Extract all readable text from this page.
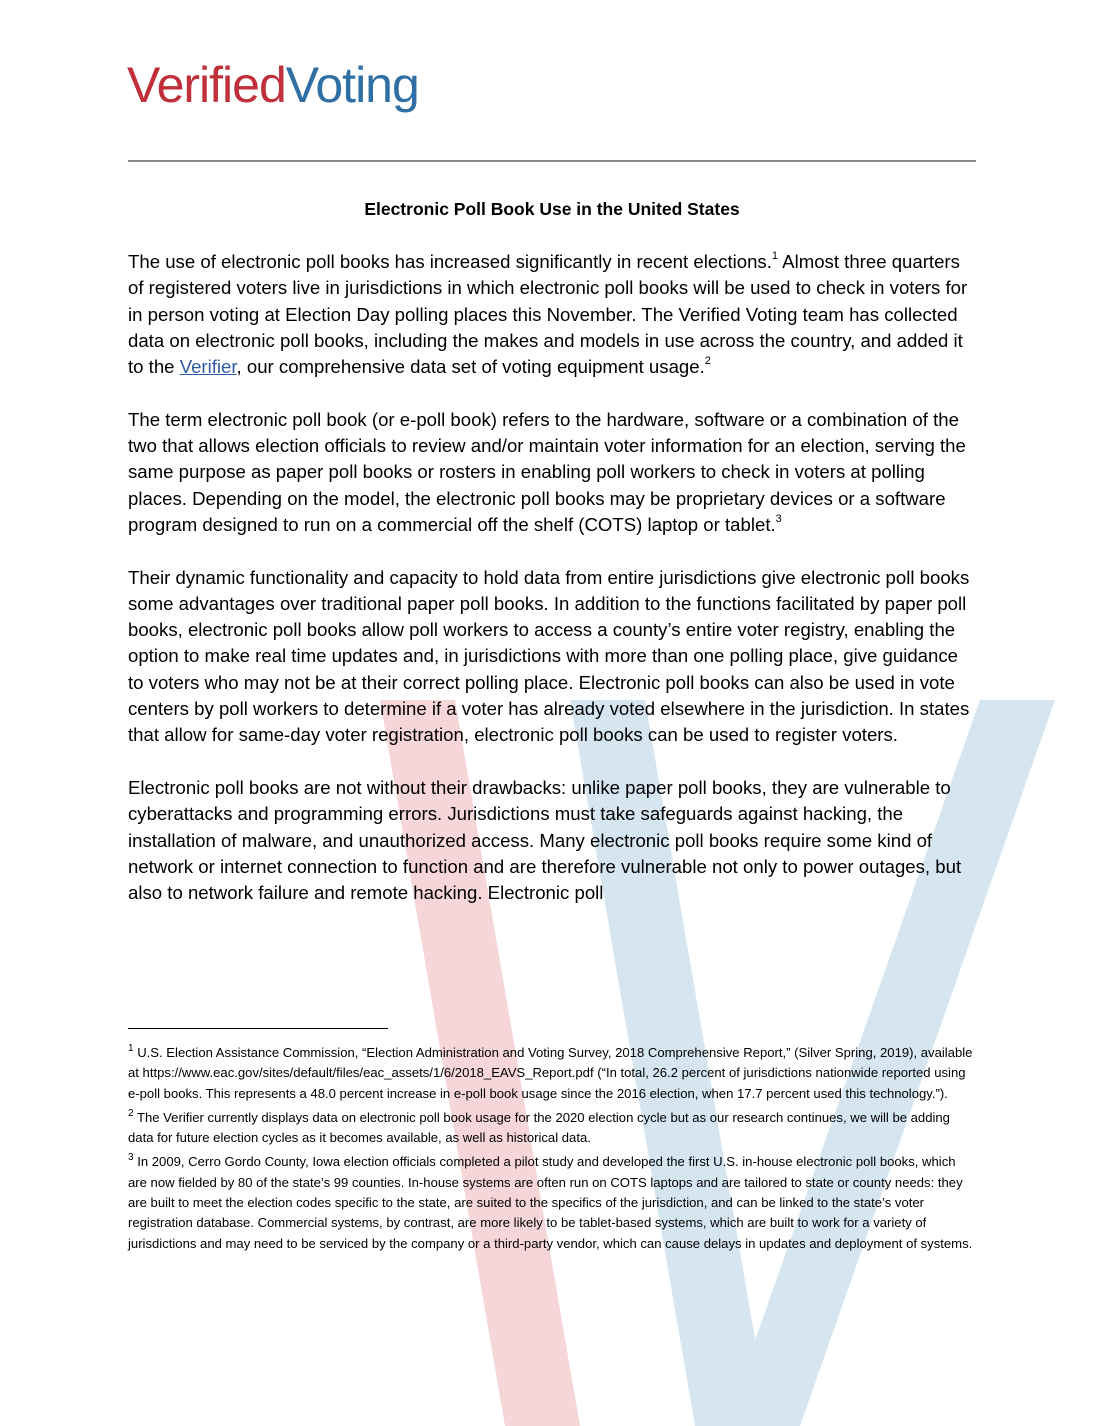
VerifiedVoting
Electronic Poll Book Use in the United States

The use of electronic poll books has increased significantly in recent elections.$^1$ Almost three quarters of registered voters live in jurisdictions in which electronic poll books will be used to check in voters for in person voting at Election Day polling places this November. The Verified Voting team has collected data on electronic poll books, including the makes and models in use across the country, and added it to the Verifier, our comprehensive data set of voting equipment usage.$^2$

The term electronic poll book (or e-poll book) refers to the hardware, software or a combination of the two that allows election officials to review and/or maintain voter information for an election, serving the same purpose as paper poll books or rosters in enabling poll workers to check in voters at polling places. Depending on the model, the electronic poll books may be proprietary devices or a software program designed to run on a commercial off the shelf (COTS) laptop or tablet.$^3$

Their dynamic functionality and capacity to hold data from entire jurisdictions give electronic poll books some advantages over traditional paper poll books. In addition to the functions facilitated by paper poll books, electronic poll books allow poll workers to access a county’s entire voter registry, enabling the option to make real time updates and, in jurisdictions with more than one polling place, give guidance to voters who may not be at their correct polling place. Electronic poll books can also be used in vote centers by poll workers to determine if a voter has already voted elsewhere in the jurisdiction. In states that allow for same-day voter registration, electronic poll books can be used to register voters.

Electronic poll books are not without their drawbacks: unlike paper poll books, they are vulnerable to cyberattacks and programming errors. Jurisdictions must take safeguards against hacking, the installation of malware, and unauthorized access. Many electronic poll books require some kind of network or internet connection to function and are therefore vulnerable not only to power outages, but also to network failure and remote hacking. Electronic poll

$^1$ U.S. Election Assistance Commission, “Election Administration and Voting Survey, 2018 Comprehensive Report,” (Silver Spring, 2019), available at https://www.eac.gov/sites/default/files/eac_assets/1/6/2018_EAVS_Report.pdf (“In total, 26.2 percent of jurisdictions nationwide reported using e-poll books. This represents a 48.0 percent increase in e-poll book usage since the 2016 election, when 17.7 percent used this technology.”).
$^2$ The Verifier currently displays data on electronic poll book usage for the 2020 election cycle but as our research continues, we will be adding data for future election cycles as it becomes available, as well as historical data.
$^3$ In 2009, Cerro Gordo County, Iowa election officials completed a pilot study and developed the first U.S. in-house electronic poll books, which are now fielded by 80 of the state’s 99 counties. In-house systems are often run on COTS laptops and are tailored to state or county needs: they are built to meet the election codes specific to the state, are suited to the specifics of the jurisdiction, and can be linked to the state’s voter registration database. Commercial systems, by contrast, are more likely to be tablet-based systems, which are built to work for a variety of jurisdictions and may need to be serviced by the company or a third-party vendor, which can cause delays in updates and deployment of systems.
